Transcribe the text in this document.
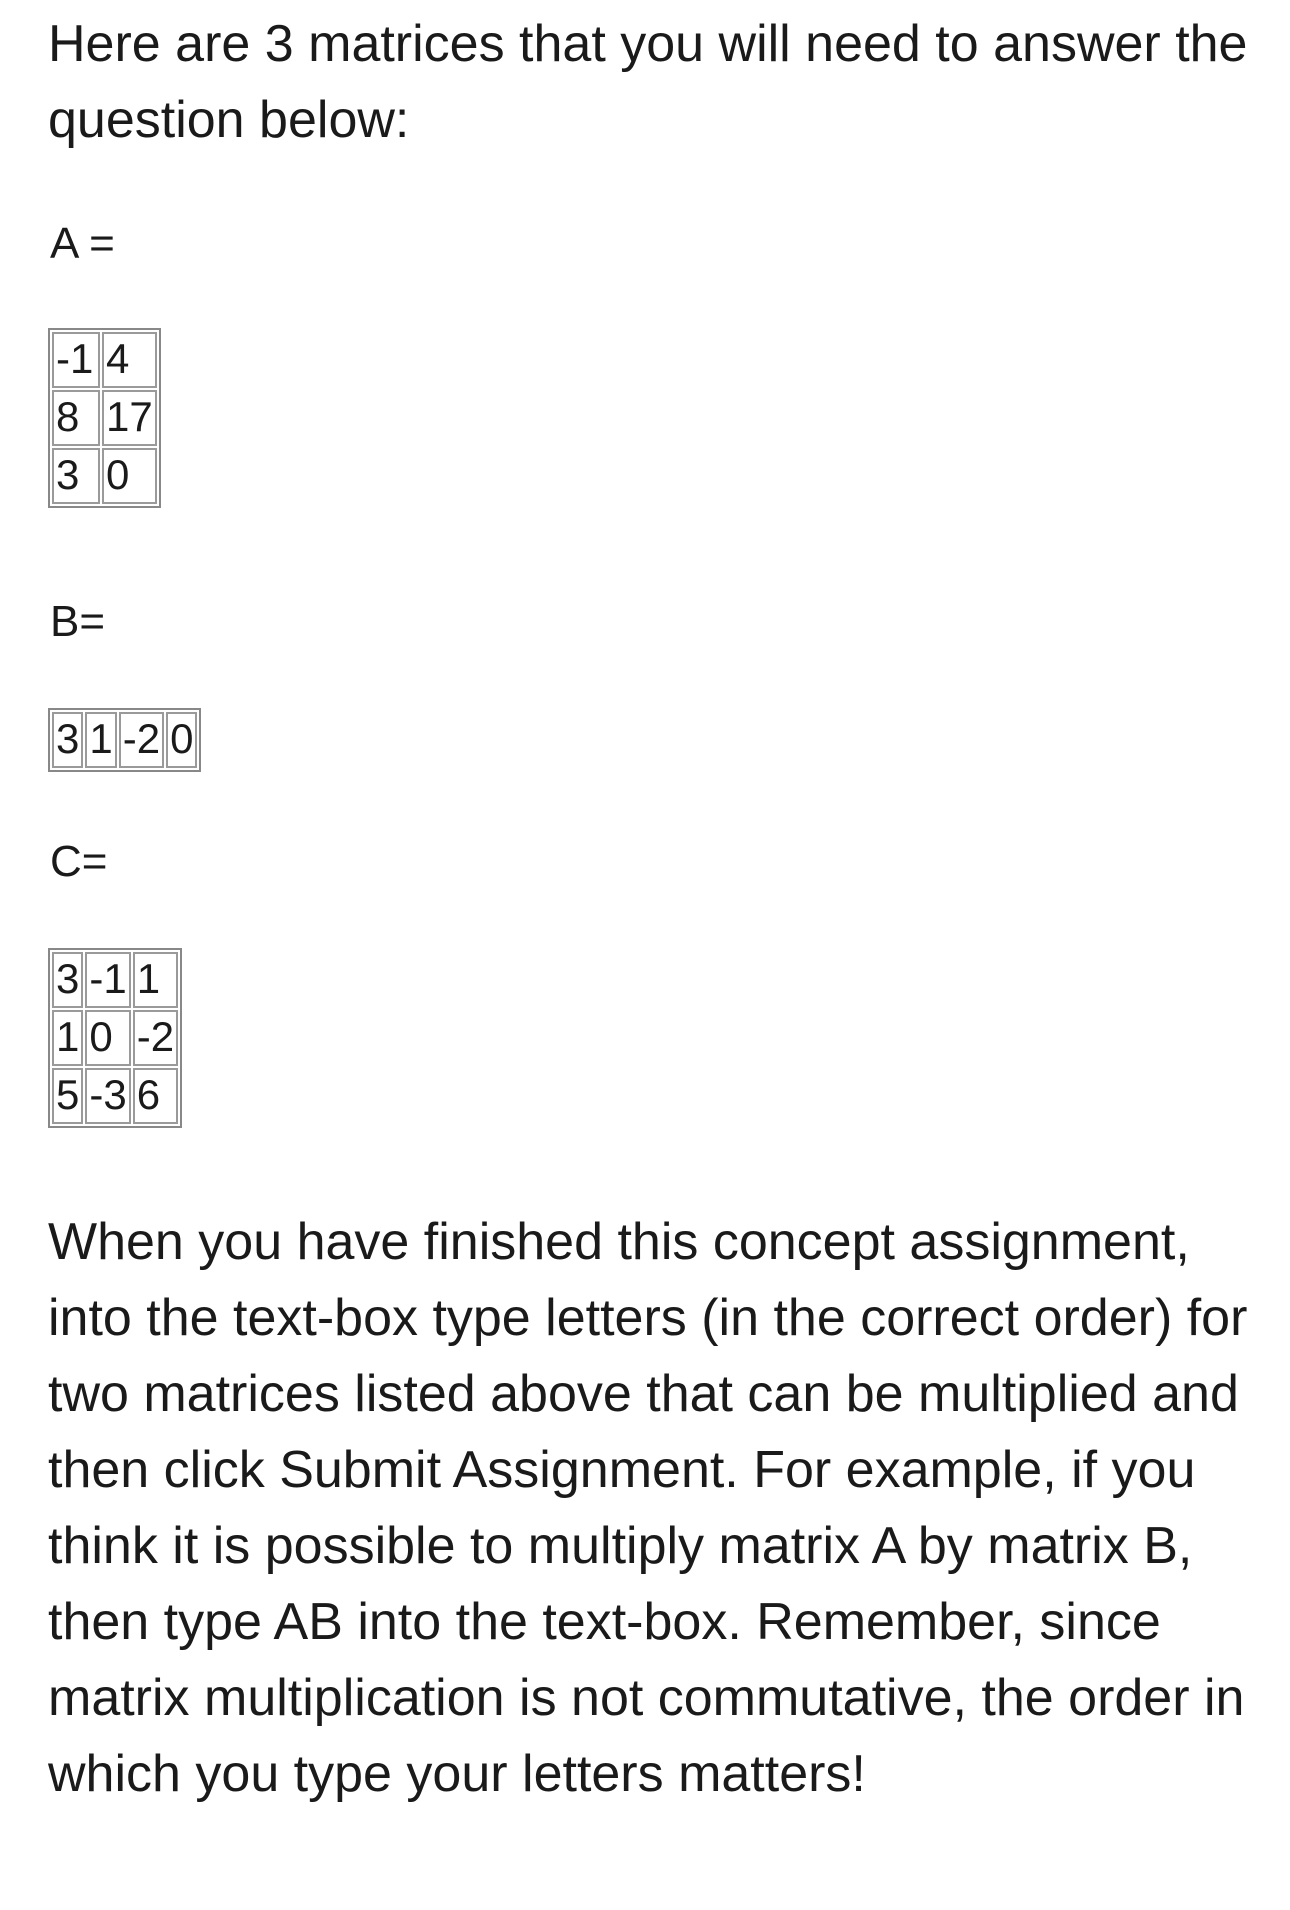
Here are 3 matrices that you will need to answer the question below:

A =

-1	4
8	17
3	0

B=

3	1	-2	0

C=

3	-1	1
1	0	-2
5	-3	6

When you have finished this concept assignment, into the text-box type letters (in the correct order) for two matrices listed above that can be multiplied and then click Submit Assignment. For example, if you think it is possible to multiply matrix A by matrix B, then type AB into the text-box. Remember, since matrix multiplication is not commutative, the order in which you type your letters matters!
